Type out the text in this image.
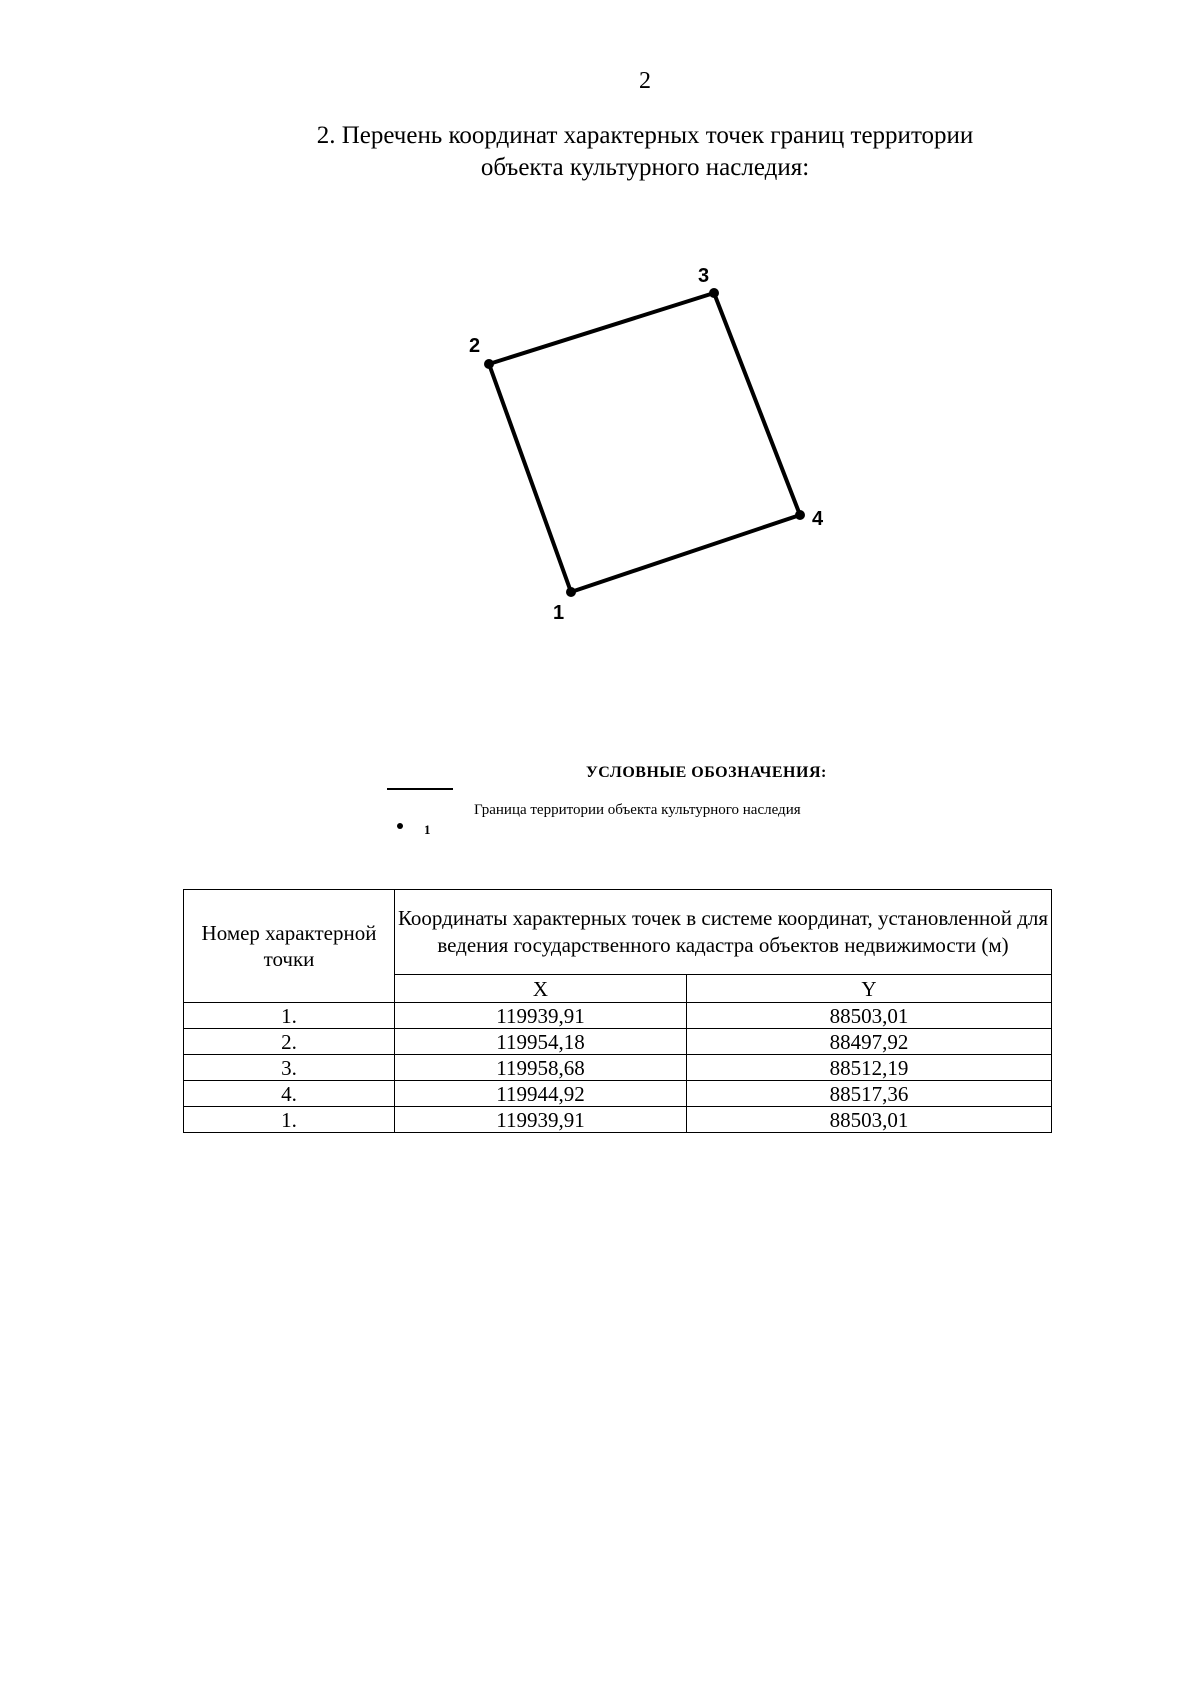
2
2. Перечень координат характерных точек границ территории объекта культурного наследия:
1
2
3
4
УСЛОВНЫЕ ОБОЗНАЧЕНИЯ:
1
Граница территории объекта культурного наследия
Номер характерной точки	Координаты характерных точек в системе координат, установленной для ведения государственного кадастра объектов недвижимости (м)	
	X	Y
1.	119939,91	88503,01
2.	119954,18	88497,92
3.	119958,68	88512,19
4.	119944,92	88517,36
1.	119939,91	88503,01
